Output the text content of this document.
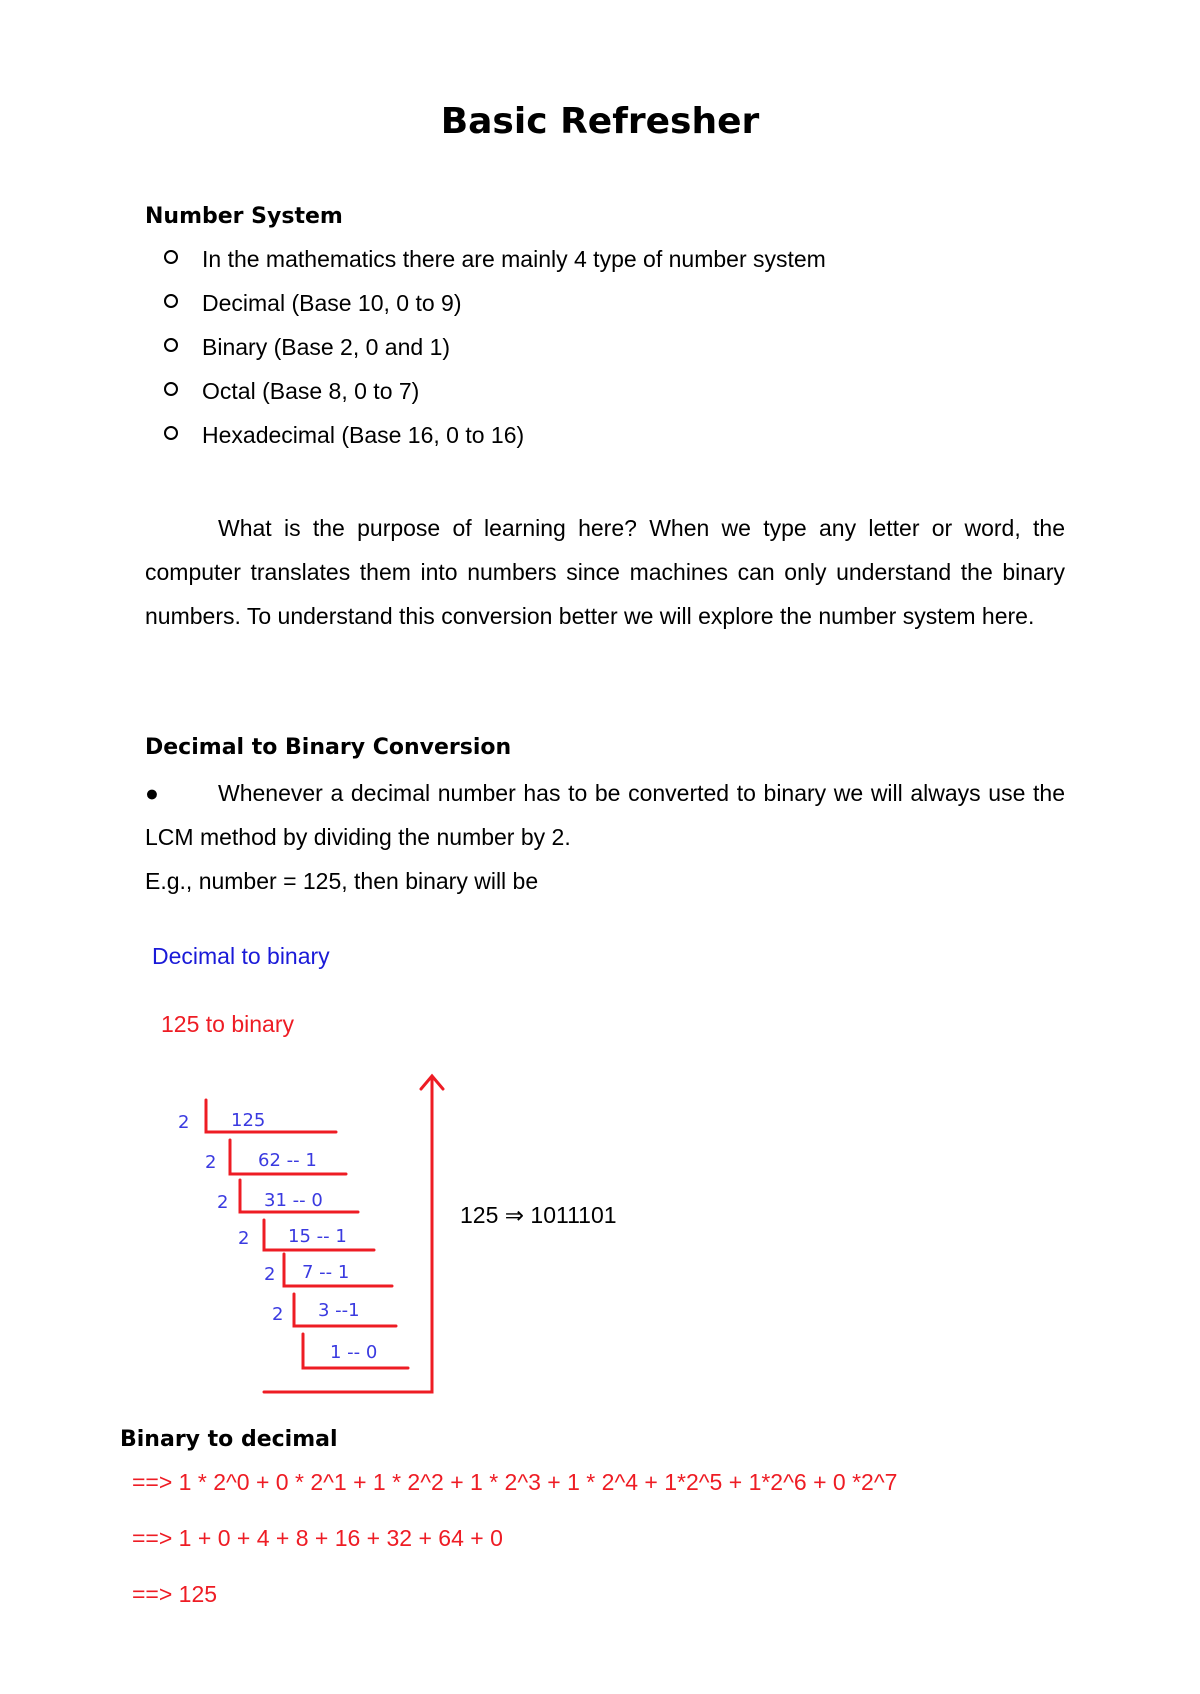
Basic Refresher
Number System
In the mathematics there are mainly 4 type of number system
Decimal (Base 10, 0 to 9)
Binary (Base 2, 0 and 1)
Octal (Base 8, 0 to 7)
Hexadecimal (Base 16, 0 to 16)

What is the purpose of learning here? When we type any letter or word, the computer translates them into numbers since machines can only understand the binary numbers. To understand this conversion better we will explore the number system here.

Decimal to Binary Conversion

●	Whenever a decimal number has to be converted to binary we will always use the LCM method by dividing the number by 2.

E.g., number = 125, then binary will be
Decimal to binary
125 to binary
2
2
2
2
2
2
125
62 -- 1
31 -- 0
15 -- 1
7 -- 1
3 --1
1 -- 0
125 ⇒ 1011101
Binary to decimal
==> 1 * 2^0 + 0 * 2^1 + 1 * 2^2 + 1 * 2^3 + 1 * 2^4 + 1*2^5 + 1*2^6 + 0 *2^7
==> 1 + 0 + 4 + 8 + 16 + 32 + 64 + 0
==> 125
